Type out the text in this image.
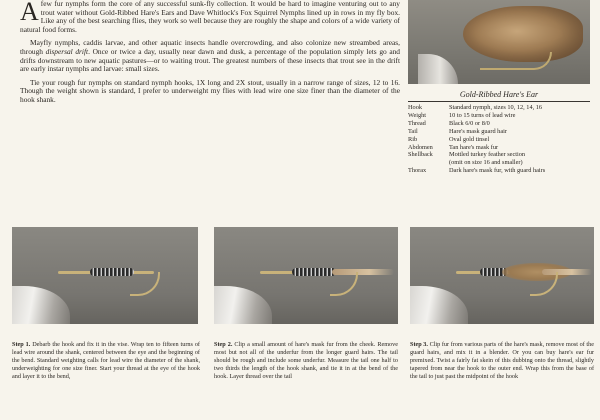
A few fur nymphs form the core of any successful sunk-fly collection. It would be hard to imagine venturing out to any trout water without Gold-Ribbed Hare's Ears and Dave Whitlock's Fox Squirrel Nymphs lined up in rows in my fly box. Like any of the best searching flies, they work so well because they are roughly the shape and colors of a wide variety of natural food forms.

Mayfly nymphs, caddis larvae, and other aquatic insects handle overcrowding, and also colonize new streambed areas, through dispersal drift. Once or twice a day, usually near dawn and dusk, a percentage of the population simply lets go and drifts downstream to new aquatic pastures—or to waiting trout. The greatest numbers of these insects that trout see in the drift are early instar nymphs and larvae: small sizes.

Tie your rough fur nymphs on standard nymph hooks, 1X long and 2X stout, usually in a narrow range of sizes, 12 to 16. Though the weight shown is standard, I prefer to underweight my flies with lead wire one size finer than the diameter of the hook shank.

Gold-Ribbed Hare's Ear
Hook	Standard nymph, sizes 10, 12, 14, 16
Weight	10 to 15 turns of lead wire
Thread	Black 6/0 or 8/0
Tail	Hare's mask guard hair
Rib	Oval gold tinsel
Abdomen	Tan hare's mask fur
Shellback	Mottled turkey feather section
(omit on size 16 and smaller)
Thorax	Dark hare's mask fur, with guard hairs
Step 1. Debarb the hook and fix it in the vise. Wrap ten to fifteen turns of lead wire around the shank, centered between the eye and the beginning of the bend. Standard weighting calls for lead wire the diameter of the shank, underweighting for one size finer. Start your thread at the eye of the hook and layer it to the bend,
Step 2. Clip a small amount of hare's mask fur from the cheek. Remove most but not all of the underfur from the longer guard hairs. The tail should be rough and include some underfur. Measure the tail one half to two thirds the length of the hook shank, and tie it in at the bend of the hook. Layer thread over the tail
Step 3. Clip fur from various parts of the hare's mask, remove most of the guard hairs, and mix it in a blender. Or you can buy hare's ear fur premixed. Twist a fairly fat skein of this dubbing onto the thread, slightly tapered from near the hook to the outer end. Wrap this from the base of the tail to just past the midpoint of the hook
